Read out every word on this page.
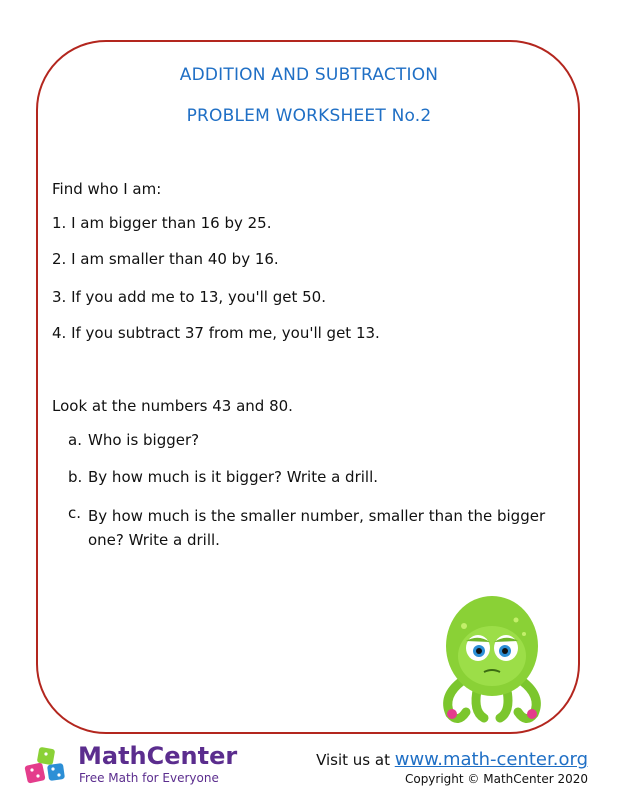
ADDITION AND SUBTRACTION
PROBLEM WORKSHEET No.2
Find who I am:
1. I am bigger than 16 by 25.
2. I am smaller than 40 by 16.
3. If you add me to 13, you'll get 50.
4. If you subtract 37 from me, you'll get 13.
Look at the numbers 43 and 80.
a. Who is bigger?
b. By how much is it bigger? Write a drill.
c. By how much is the smaller number, smaller than the bigger one? Write a drill.
MathCenter
Free Math for Everyone
Visit us at www.math-center.org
Copyright © MathCenter 2020
